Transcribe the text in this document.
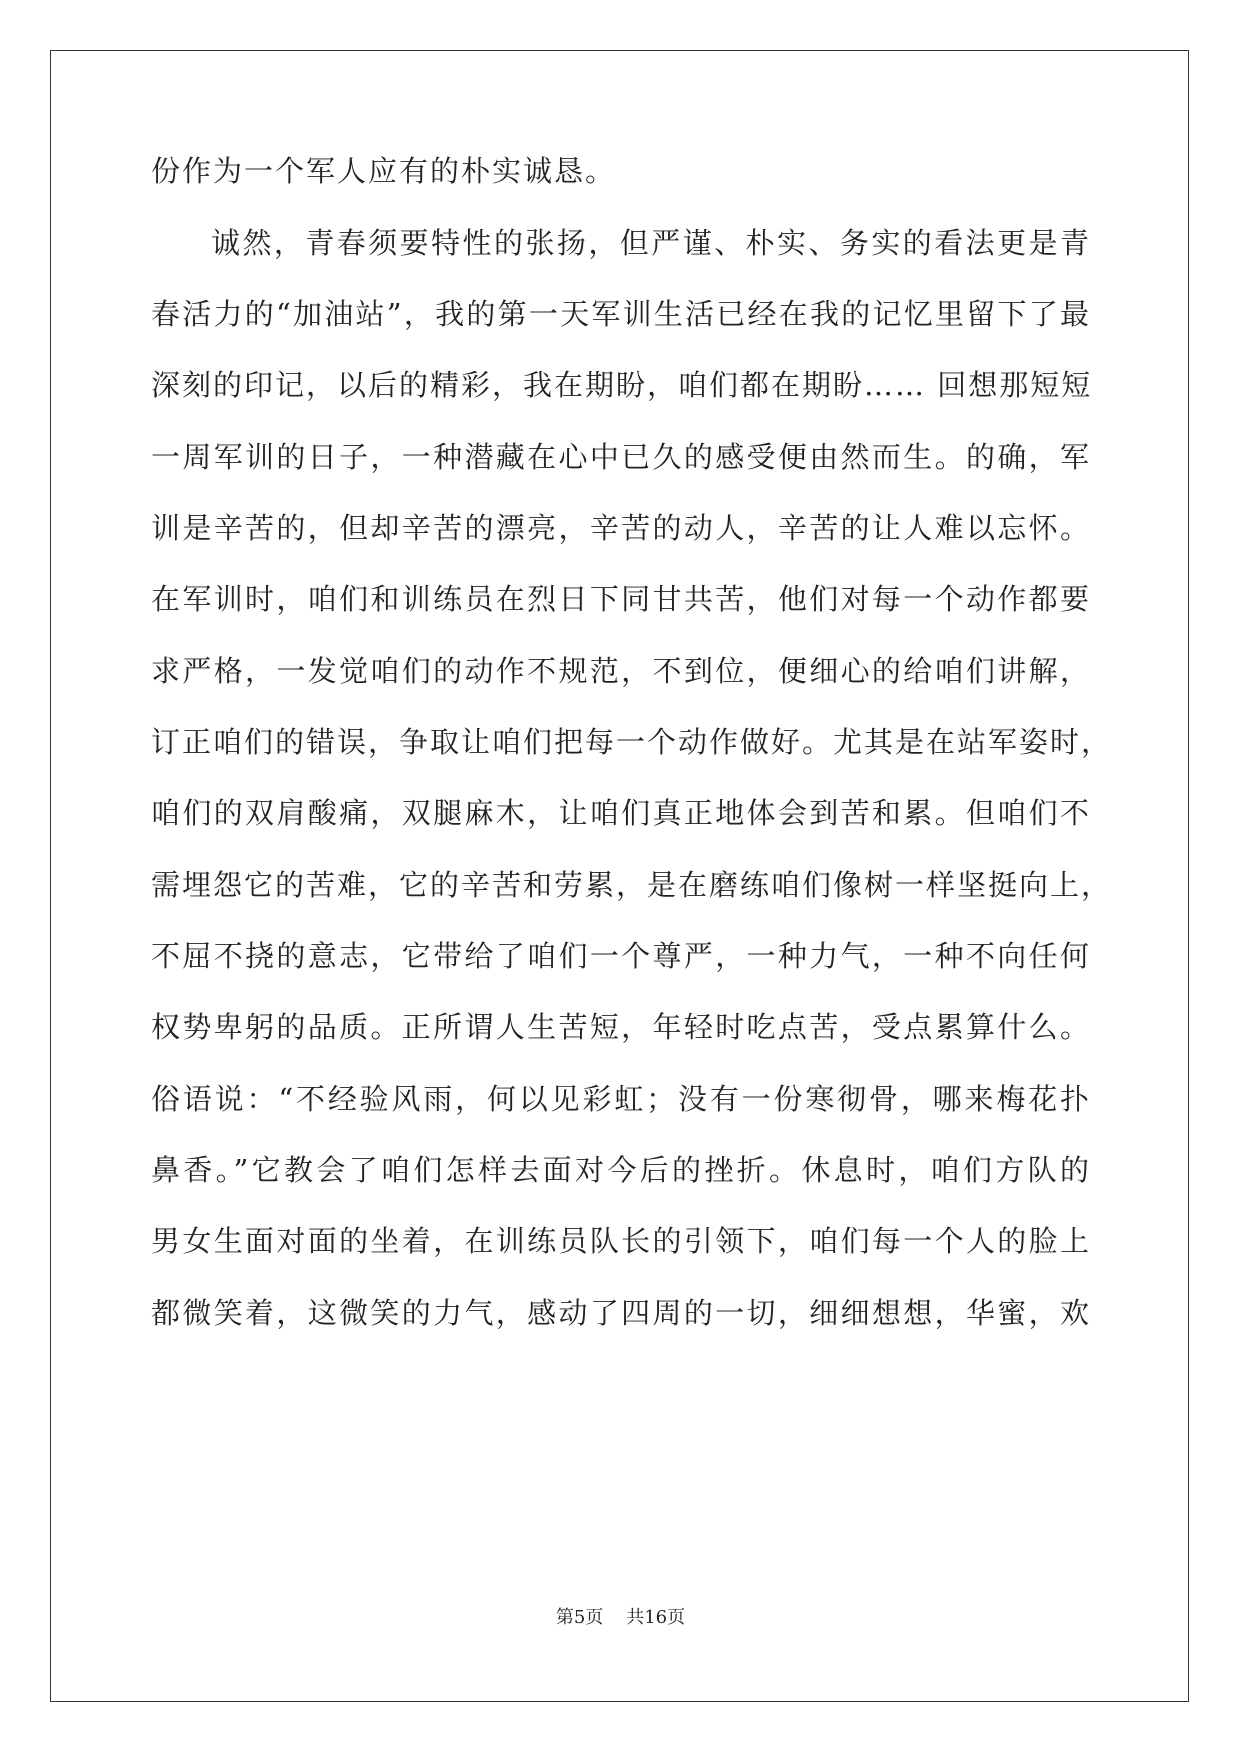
份作为一个军人应有的朴实诚恳。
诚然，青春须要特性的张扬，但严谨、朴实、务实的看法更是青
春活力的“加油站”，我的第一天军训生活已经在我的记忆里留下了最
深刻的印记，以后的精彩，我在期盼，咱们都在期盼…… 回想那短短
一周军训的日子，一种潜藏在心中已久的感受便由然而生。的确，军
训是辛苦的，但却辛苦的漂亮，辛苦的动人，辛苦的让人难以忘怀。
在军训时，咱们和训练员在烈日下同甘共苦，他们对每一个动作都要
求严格，一发觉咱们的动作不规范，不到位，便细心的给咱们讲解，
订正咱们的错误，争取让咱们把每一个动作做好。尤其是在站军姿时，
咱们的双肩酸痛，双腿麻木，让咱们真正地体会到苦和累。但咱们不
需埋怨它的苦难，它的辛苦和劳累，是在磨练咱们像树一样坚挺向上，
不屈不挠的意志，它带给了咱们一个尊严，一种力气，一种不向任何
权势卑躬的品质。正所谓人生苦短，年轻时吃点苦，受点累算什么。
俗语说：“不经验风雨，何以见彩虹；没有一份寒彻骨，哪来梅花扑
鼻香。”它教会了咱们怎样去面对今后的挫折。休息时，咱们方队的
男女生面对面的坐着，在训练员队长的引领下，咱们每一个人的脸上
都微笑着，这微笑的力气，感动了四周的一切，细细想想，华蜜，欢
第5页 共16页
